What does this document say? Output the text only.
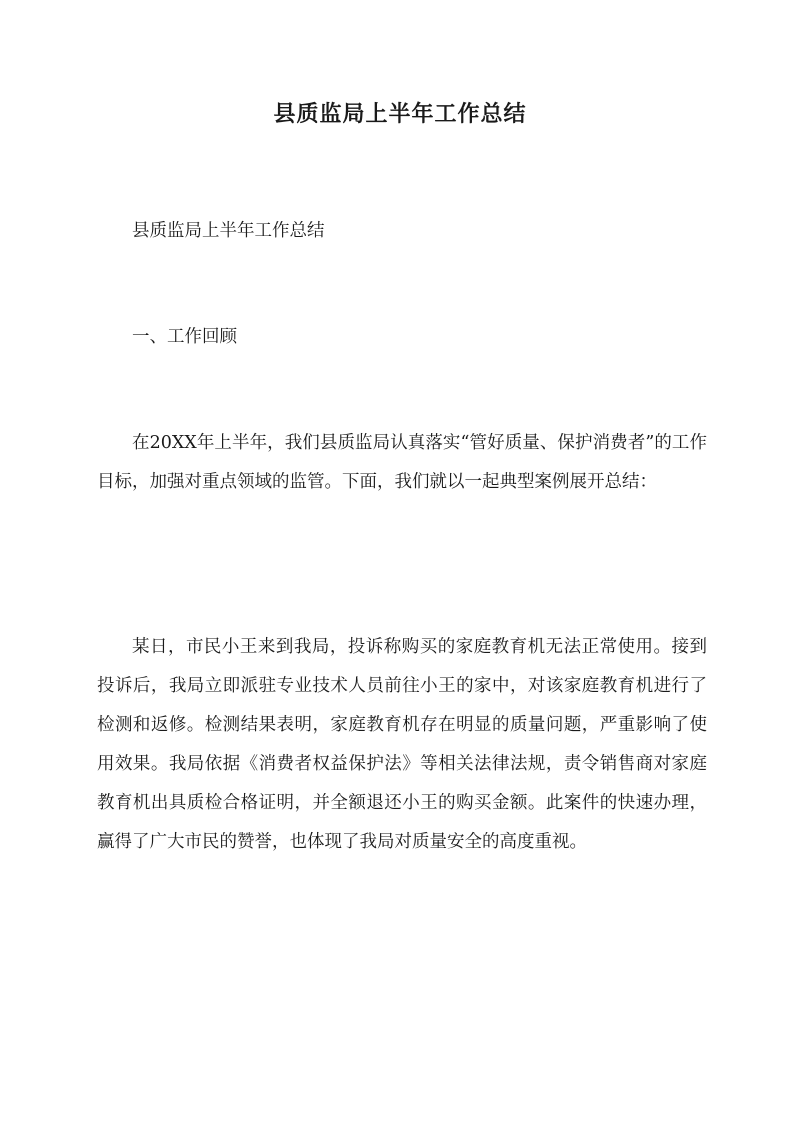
县质监局上半年工作总结

县质监局上半年工作总结

一、工作回顾

在20XX年上半年，我们县质监局认真落实“管好质量、保护消费者”的工作目标，加强对重点领域的监管。下面，我们就以一起典型案例展开总结：

某日，市民小王来到我局，投诉称购买的家庭教育机无法正常使用。接到投诉后，我局立即派驻专业技术人员前往小王的家中，对该家庭教育机进行了检测和返修。检测结果表明，家庭教育机存在明显的质量问题，严重影响了使用效果。我局依据《消费者权益保护法》等相关法律法规，责令销售商对家庭教育机出具质检合格证明，并全额退还小王的购买金额。此案件的快速办理，赢得了广大市民的赞誉，也体现了我局对质量安全的高度重视。
